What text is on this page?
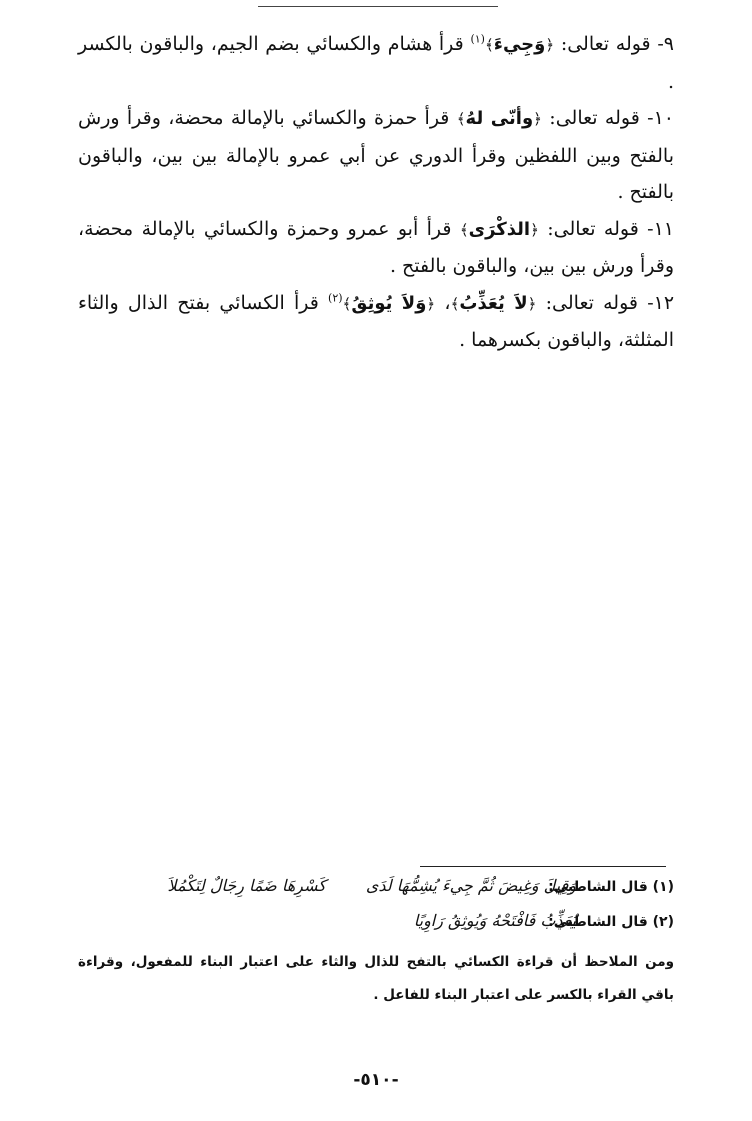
٩- قوله تعالى: ﴿وَجِيءَ﴾$^{(١)}$ قرأ هشام والكسائي بضم الجيم، والباقون بالكسر .

١٠- قوله تعالى: ﴿وأنّى لهُ﴾ قرأ حمزة والكسائي بالإمالة محضة، وقرأ ورش بالفتح وبين اللفظين وقرأ الدوري عن أبي عمرو بالإمالة بين بين، والباقون بالفتح .

١١- قوله تعالى: ﴿الذكْرَى﴾ قرأ أبو عمرو وحمزة والكسائي بالإمالة محضة، وقرأ ورش بين بين، والباقون بالفتح .

١٢- قوله تعالى: ﴿لاَ يُعَذِّبُ﴾، ﴿وَلاَ يُوثِقُ﴾$^{(٢)}$ قرأ الكسائي بفتح الذال والثاء المثلثة، والباقون بكسرهما .

(١) قال الشاطبي:
وَقِيلَ وَغِيضَ ثُمَّ جِيءَ يُشِمُّهَا لَدَى
كَسْرِهَا ضَمًا رِجَالٌ لِتَكْمُلاَ
(٢) قال الشاطبي:
يُعَذِّبُ فَافْتَحْهُ وَيُوثِقُ رَاوِيًا
ومن الملاحظ أن قراءة الكسائي بالتفح للذال والثاء على اعتبار البناء للمفعول، وقراءة باقي القراء بالكسر على اعتبار البناء للفاعل .
-٥١٠-
